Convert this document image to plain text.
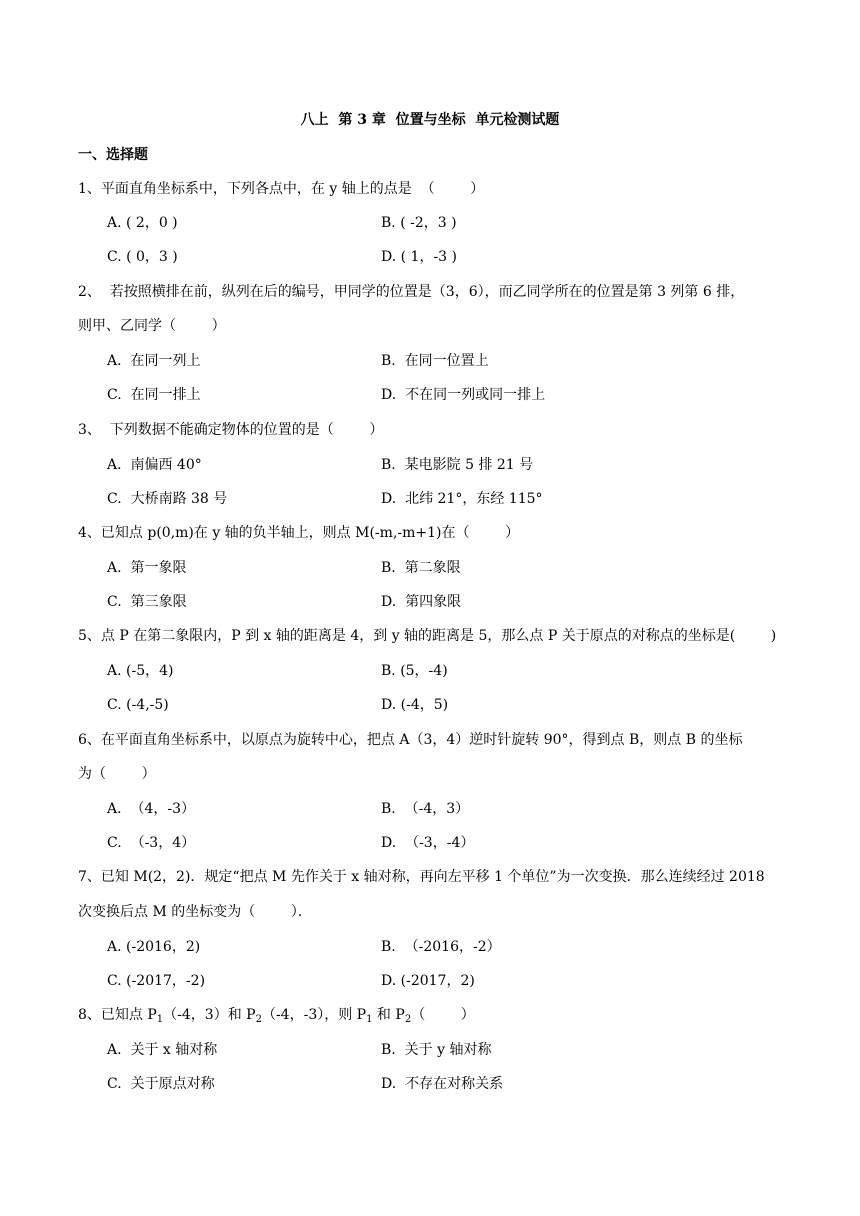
八上  第 3 章  位置与坐标  单元检测试题
一、选择题
1、平面直角坐标系中，下列各点中，在 y 轴上的点是  （        ）
A. ( 2，0 )	B. ( -2，3 )
C. ( 0，3 )	D. ( 1，-3 )
2、  若按照横排在前，纵列在后的编号，甲同学的位置是（3，6），而乙同学所在的位置是第 3 列第 6 排，
则甲、乙同学（        ）
A.  在同一列上	B.  在同一位置上
C.  在同一排上	D.  不在同一列或同一排上
3、  下列数据不能确定物体的位置的是（        ）
A.  南偏西 40°	B.  某电影院 5 排 21 号
C.  大桥南路 38 号	D.  北纬 21°，东经 115°
4、已知点 p(0,m)在 y 轴的负半轴上，则点 M(-m,-m+1)在（        ）
A.  第一象限	B.  第二象限
C.  第三象限	D.  第四象限
5、点 P 在第二象限内，P 到 x 轴的距离是 4，到 y 轴的距离是 5，那么点 P 关于原点的对称点的坐标是(        )
A. (-5，4)	B. (5，-4)
C. (-4,-5)	D. (-4，5)
6、在平面直角坐标系中，以原点为旋转中心，把点 A（3，4）逆时针旋转 90°，得到点 B，则点 B 的坐标
为（        ）
A.  （4，-3）	B.  （-4，3）
C.  （-3，4）	D.  （-3，-4）
7、已知 M(2，2)．规定“把点 M 先作关于 x 轴对称，再向左平移 1 个单位”为一次变换．那么连续经过 2018
次变换后点 M 的坐标变为（        ）．
A. (-2016，2)	B.  （-2016，-2）
C. (-2017，-2)	D. (-2017，2)
8、已知点 $P_1(-4$，3）和 $P_2(-4$，-3），则 $P_1$ 和 $P_2$（        ）
A.  关于 x 轴对称	B.  关于 y 轴对称
C.  关于原点对称	D.  不存在对称关系
